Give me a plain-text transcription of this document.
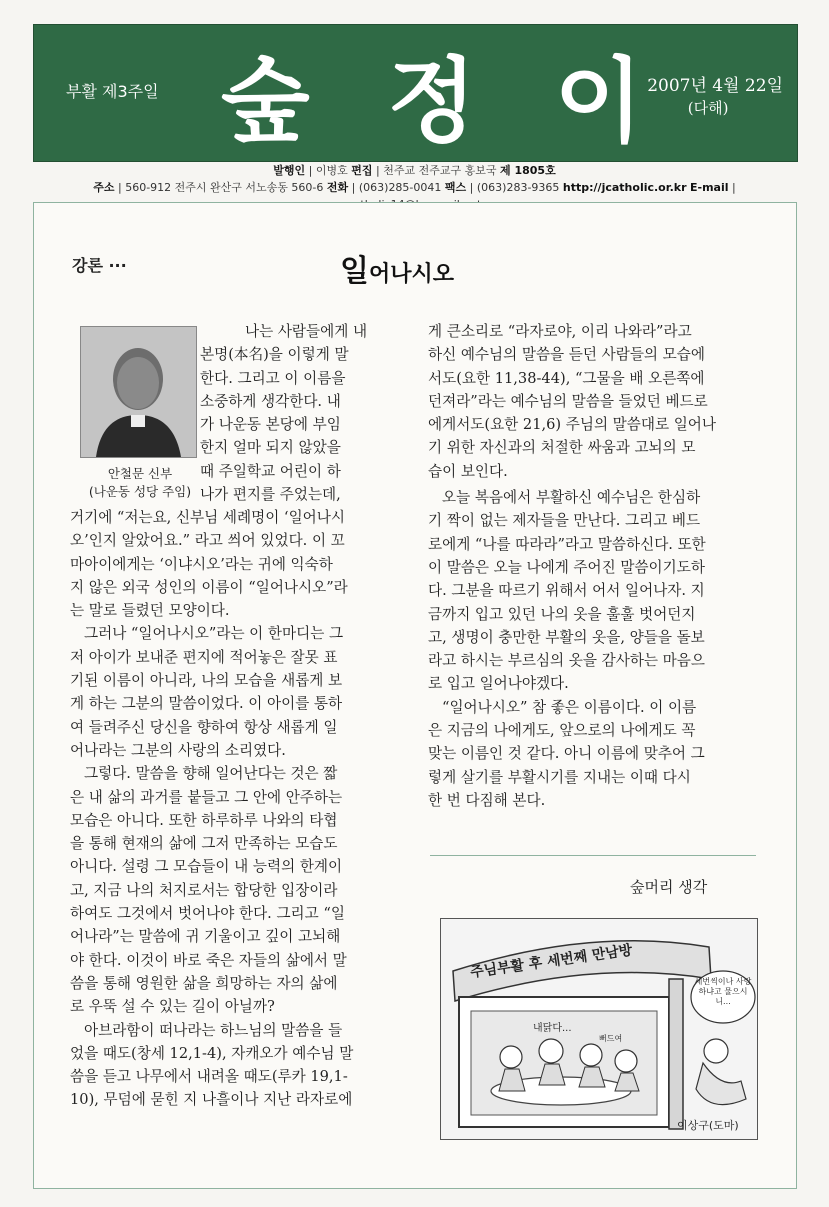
부활 제3주일 숲 정 이 2007년 4월 22일
(다해)
발행인 | 이병호 편집 | 천주교 전주교구 홍보국 제 1805호
주소 | 560-912 전주시 완산구 서노송동 560-6 전화 | (063)285-0041 팩스 | (063)283-9365 http://jcatholic.or.kr E-mail |
강론 ···	일어나시오
안철문 신부
(나운동 성당 주임)
나는 사람들에게 내
본명(本名)을 이렇게 말
한다. 그리고 이 이름을
소중하게 생각한다. 내
가 나운동 본당에 부임
한지 얼마 되지 않았을
때 주일학교 어린이 하
나가 편지를 주었는데,
거기에 “저는요, 신부님 세례명이 ‘일어나시
오’인지 알았어요.” 라고 씌어 있었다. 이 꼬
마아이에게는 ‘이냐시오’라는 귀에 익숙하
지 않은 외국 성인의 이름이 “일어나시오”라
는 말로 들렸던 모양이다.
그러나 “일어나시오”라는 이 한마디는 그
저 아이가 보내준 편지에 적어놓은 잘못 표
기된 이름이 아니라, 나의 모습을 새롭게 보
게 하는 그분의 말씀이었다. 이 아이를 통하
여 들려주신 당신을 향하여 항상 새롭게 일
어나라는 그분의 사랑의 소리였다.
그렇다. 말씀을 향해 일어난다는 것은 짧
은 내 삶의 과거를 붙들고 그 안에 안주하는
모습은 아니다. 또한 하루하루 나와의 타협
을 통해 현재의 삶에 그저 만족하는 모습도
아니다. 설령 그 모습들이 내 능력의 한계이
고, 지금 나의 처지로서는 합당한 입장이라
하여도 그것에서 벗어나야 한다. 그리고 “일
어나라”는 말씀에 귀 기울이고 깊이 고뇌해
야 한다. 이것이 바로 죽은 자들의 삶에서 말
씀을 통해 영원한 삶을 희망하는 자의 삶에
로 우뚝 설 수 있는 길이 아닐까?
아브라함이 떠나라는 하느님의 말씀을 들
었을 때도(창세 12,1-4), 자캐오가 예수님 말
씀을 듣고 나무에서 내려올 때도(루카 19,1-
10), 무덤에 묻힌 지 나흘이나 지난 라자로에
게 큰소리로 “라자로야, 이리 나와라”라고
하신 예수님의 말씀을 듣던 사람들의 모습에
서도(요한 11,38-44), “그물을 배 오른쪽에
던져라”라는 예수님의 말씀을 들었던 베드로
에게서도(요한 21,6) 주님의 말씀대로 일어나
기 위한 자신과의 처절한 싸움과 고뇌의 모
습이 보인다.
오늘 복음에서 부활하신 예수님은 한심하
기 짝이 없는 제자들을 만난다. 그리고 베드
로에게 “나를 따라라”라고 말씀하신다. 또한
이 말씀은 오늘 나에게 주어진 말씀이기도하
다. 그분을 따르기 위해서 어서 일어나자. 지
금까지 입고 있던 나의 옷을 훌훌 벗어던지
고, 생명이 충만한 부활의 옷을, 양들을 돌보
라고 하시는 부르심의 옷을 감사하는 마음으
로 입고 일어나야겠다.
“일어나시오” 참 좋은 이름이다. 이 이름
은 지금의 나에게도, 앞으로의 나에게도 꼭
맞는 이름인 것 같다. 아니 이름에 맞추어 그
렇게 살기를 부활시기를 지내는 이때 다시
한 번 다짐해 본다.
숲머리 생각
주님부활 후 세번째 만남방
내닭다...
뻐드여
세번씩이나 사랑하냐고 물으시니...
이상구(도마)
